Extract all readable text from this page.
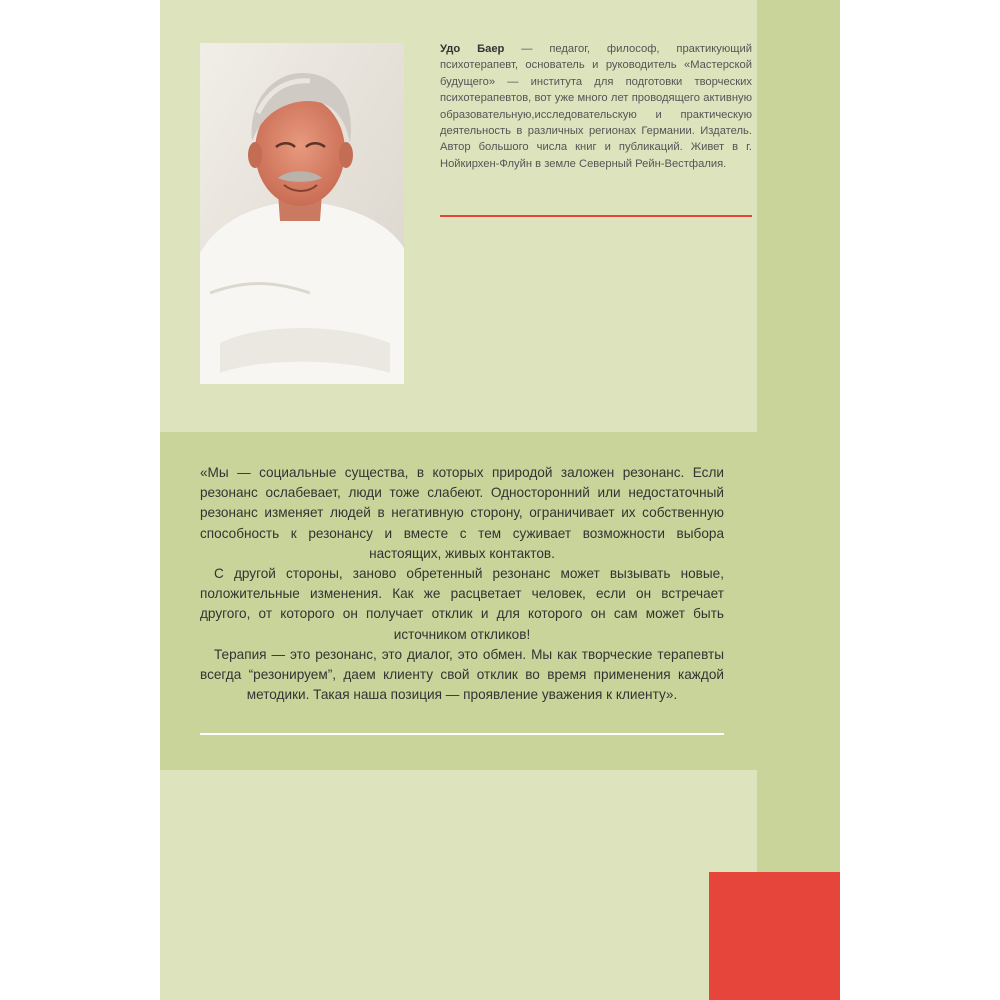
Удо Баер — педагог, философ, практикующий психотерапевт, основатель и руководитель «Мастерской будущего» — института для подготовки творческих психотерапевтов, вот уже много лет проводящего активную образовательную,исследовательскую и практическую деятельность в различных регионах Германии. Издатель. Автор большого числа книг и публикаций. Живет в г. Нойкирхен-Флуйн в земле Северный Рейн-Вестфалия.

«Мы — социальные существа, в которых природой заложен резонанс. Если резонанс ослабевает, люди тоже слабеют. Односторонний или недостаточный резонанс изменяет людей в негативную сторону, ограничивает их собственную способность к резонансу и вместе с тем суживает возможности выбора настоящих, живых контактов.

С другой стороны, заново обретенный резонанс может вызывать новые, положительные изменения. Как же расцветает человек, если он встречает другого, от которого он получает отклик и для которого он сам может быть источником откликов!

Терапия — это резонанс, это диалог, это обмен. Мы как творческие терапевты всегда “резонируем”, даем клиенту свой отклик во время применения каждой методики. Такая наша позиция — проявление уважения к клиенту».
